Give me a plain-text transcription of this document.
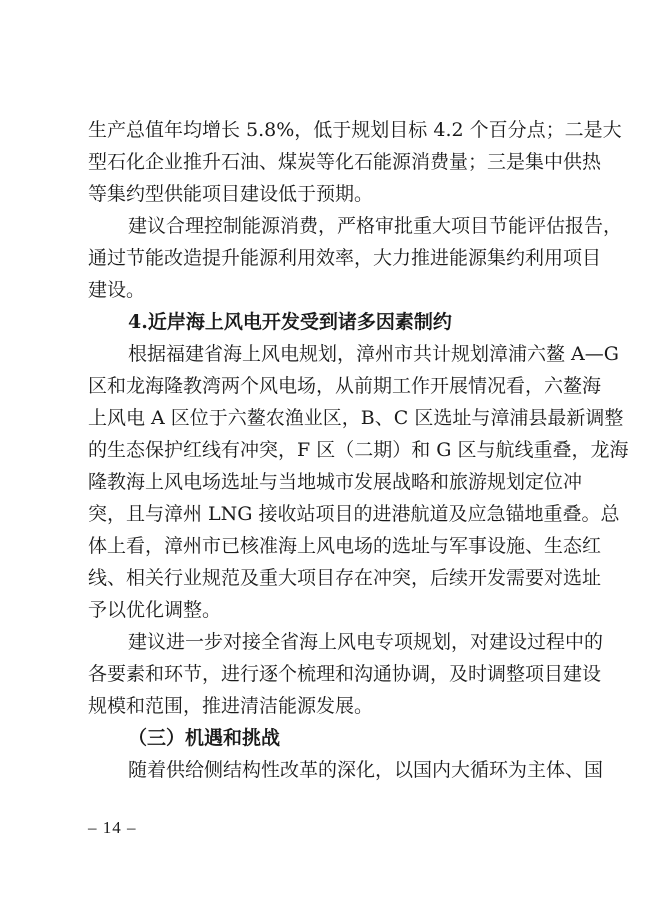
生产总值年均增长 5.8%，低于规划目标 4.2 个百分点；二是大
型石化企业推升石油、煤炭等化石能源消费量；三是集中供热
等集约型供能项目建设低于预期。
建议合理控制能源消费，严格审批重大项目节能评估报告，
通过节能改造提升能源利用效率，大力推进能源集约利用项目
建设。
4.近岸海上风电开发受到诸多因素制约
根据福建省海上风电规划，漳州市共计规划漳浦六鳌 A—G
区和龙海隆教湾两个风电场，从前期工作开展情况看，六鳌海
上风电 A 区位于六鳌农渔业区，B、C 区选址与漳浦县最新调整
的生态保护红线有冲突，F 区（二期）和 G 区与航线重叠，龙海
隆教海上风电场选址与当地城市发展战略和旅游规划定位冲
突，且与漳州 LNG 接收站项目的进港航道及应急锚地重叠。总
体上看，漳州市已核准海上风电场的选址与军事设施、生态红
线、相关行业规范及重大项目存在冲突，后续开发需要对选址
予以优化调整。
建议进一步对接全省海上风电专项规划，对建设过程中的
各要素和环节，进行逐个梳理和沟通协调，及时调整项目建设
规模和范围，推进清洁能源发展。
（三）机遇和挑战
随着供给侧结构性改革的深化，以国内大循环为主体、国
– 14 –
